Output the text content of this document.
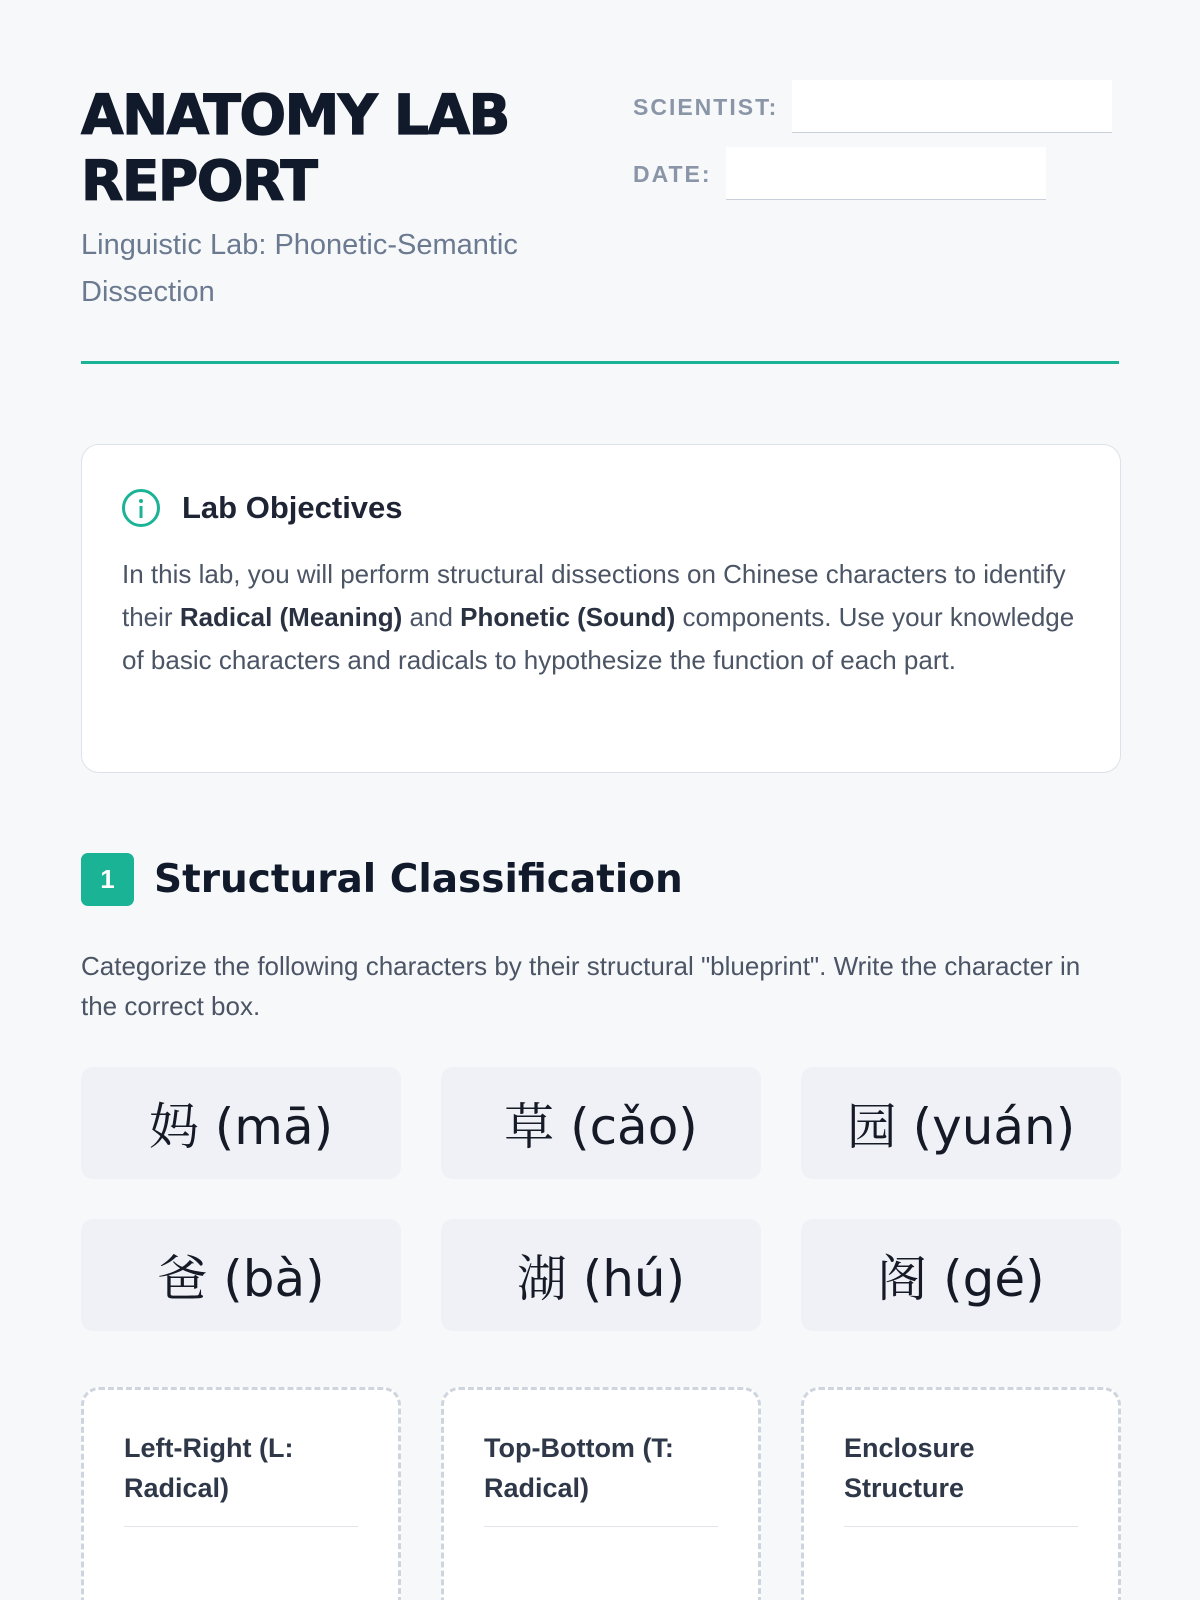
ANATOMY LAB REPORT
Linguistic Lab: Phonetic-Semantic Dissection
SCIENTIST:
DATE:
Lab Objectives

In this lab, you will perform structural dissections on Chinese characters to identify their Radical (Meaning) and Phonetic (Sound) components. Use your knowledge of basic characters and radicals to hypothesize the function of each part.

1	Structural Classification

Categorize the following characters by their structural "blueprint". Write the character in the correct box.

妈 (mā)	草 (cǎo)	园 (yuán)
爸 (bà)	湖 (hú)	阁 (gé)
Left-Right (L: Radical)
Top-Bottom (T: Radical)
Enclosure Structure
